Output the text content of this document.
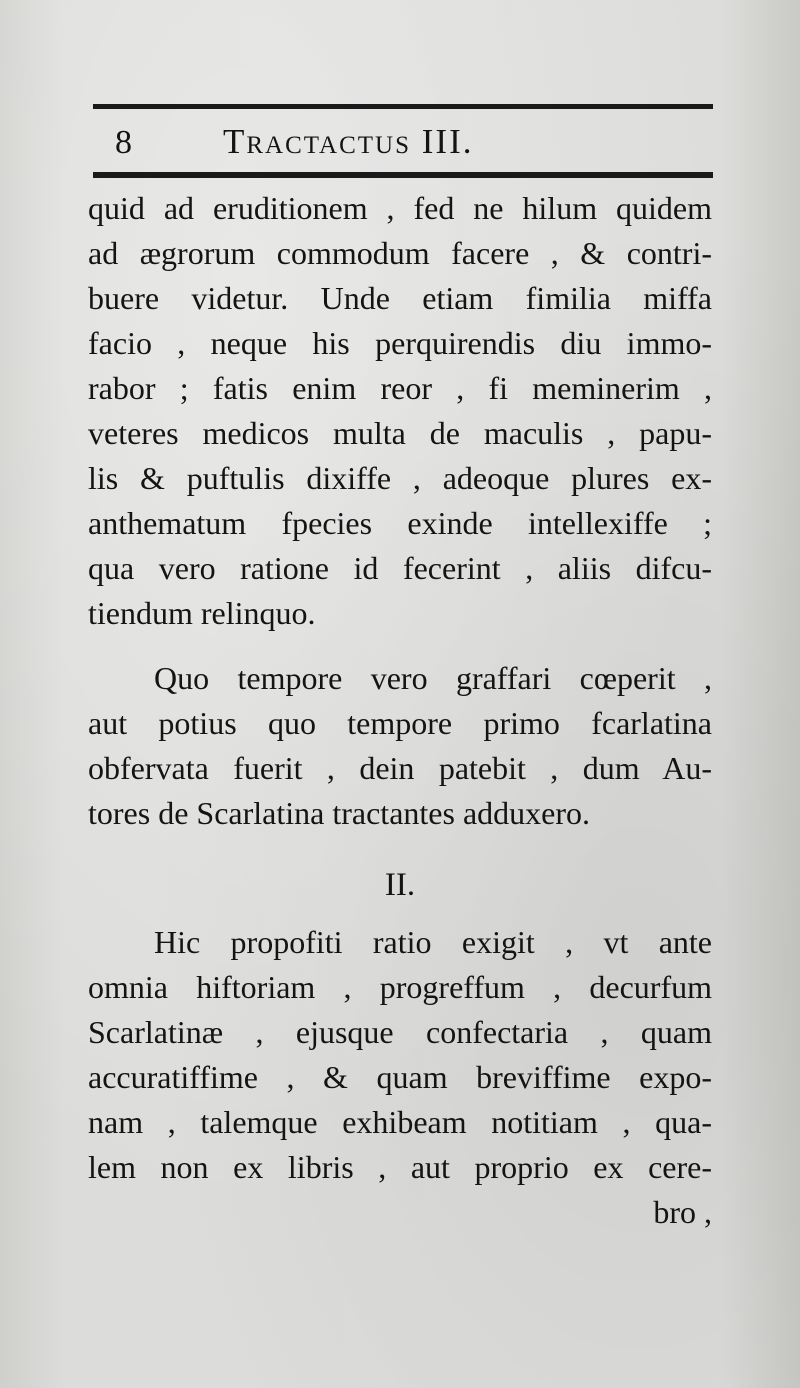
8	Tractactus III.
quid ad eruditionem , fed ne hilum quidem
ad ægrorum commodum facere , & contri-
buere videtur. Unde etiam fimilia miffa
facio , neque his perquirendis diu immo-
rabor ; fatis enim reor , fi meminerim ,
veteres medicos multa de maculis , papu-
lis & puftulis dixiffe , adeoque plures ex-
anthematum fpecies exinde intellexiffe ;
qua vero ratione id fecerint , aliis difcu-
tiendum relinquo.
Quo tempore vero graffari cœperit ,
aut potius quo tempore primo fcarlatina
obfervata fuerit , dein patebit , dum Au-
tores de Scarlatina tractantes adduxero.
II.
Hic propofiti ratio exigit , vt ante
omnia hiftoriam , progreffum , decurfum
Scarlatinæ , ejusque confectaria , quam
accuratiffime , & quam breviffime expo-
nam , talemque exhibeam notitiam , qua-
lem non ex libris , aut proprio ex cere-
bro ,
